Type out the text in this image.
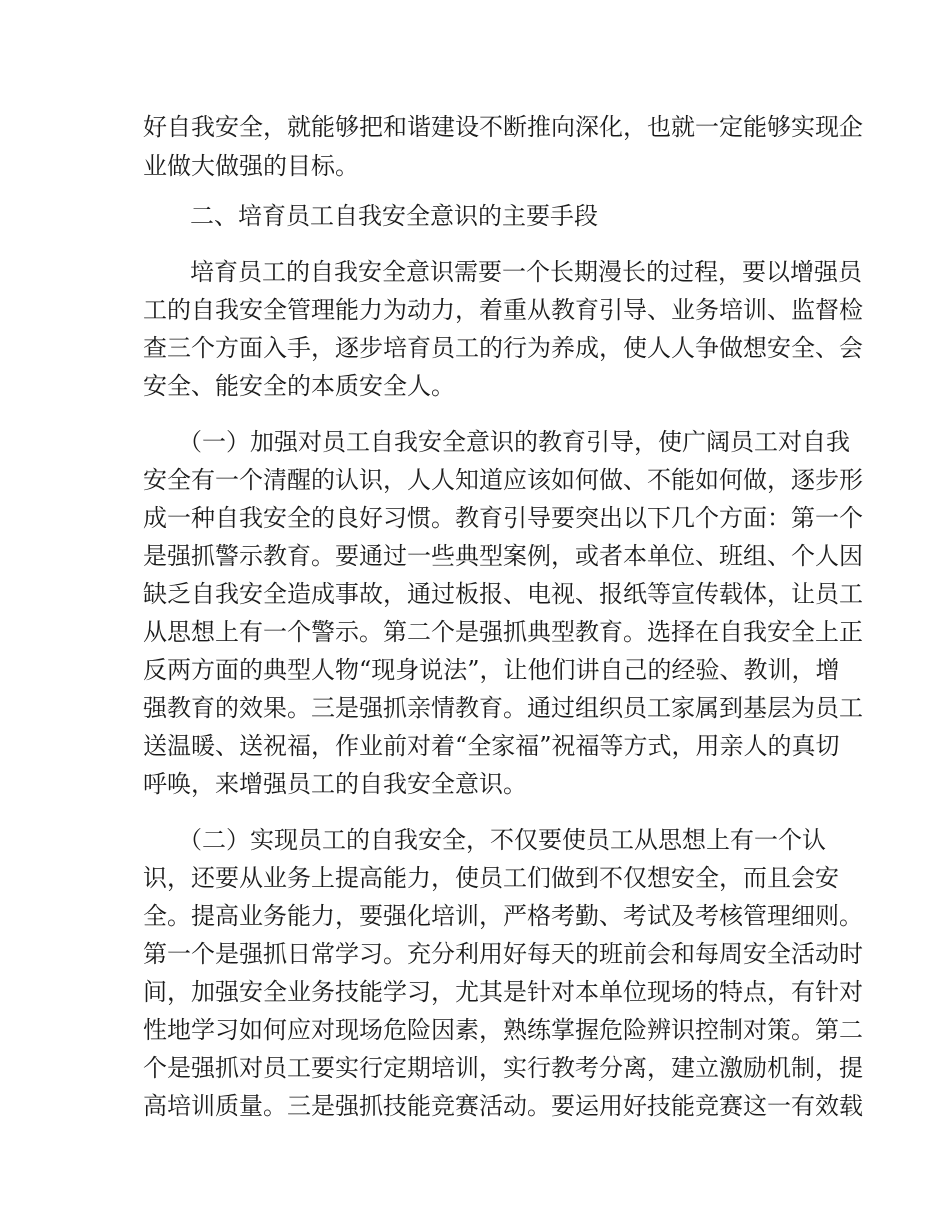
好自我安全，就能够把和谐建设不断推向深化，也就一定能够实现企

业做大做强的目标。

二、培育员工自我安全意识的主要手段

培育员工的自我安全意识需要一个长期漫长的过程，要以增强员

工的自我安全管理能力为动力，着重从教育引导、业务培训、监督检

查三个方面入手，逐步培育员工的行为养成，使人人争做想安全、会

安全、能安全的本质安全人。

（一）加强对员工自我安全意识的教育引导，使广阔员工对自我

安全有一个清醒的认识，人人知道应该如何做、不能如何做，逐步形

成一种自我安全的良好习惯。教育引导要突出以下几个方面：第一个

是强抓警示教育。要通过一些典型案例，或者本单位、班组、个人因

缺乏自我安全造成事故，通过板报、电视、报纸等宣传载体，让员工

从思想上有一个警示。第二个是强抓典型教育。选择在自我安全上正

反两方面的典型人物“现身说法”，让他们讲自己的经验、教训，增

强教育的效果。三是强抓亲情教育。通过组织员工家属到基层为员工

送温暖、送祝福，作业前对着“全家福”祝福等方式，用亲人的真切

呼唤，来增强员工的自我安全意识。

（二）实现员工的自我安全，不仅要使员工从思想上有一个认

识，还要从业务上提高能力，使员工们做到不仅想安全，而且会安

全。提高业务能力，要强化培训，严格考勤、考试及考核管理细则。

第一个是强抓日常学习。充分利用好每天的班前会和每周安全活动时

间，加强安全业务技能学习，尤其是针对本单位现场的特点，有针对

性地学习如何应对现场危险因素，熟练掌握危险辨识控制对策。第二

个是强抓对员工要实行定期培训，实行教考分离，建立激励机制，提

高培训质量。三是强抓技能竞赛活动。要运用好技能竞赛这一有效载
